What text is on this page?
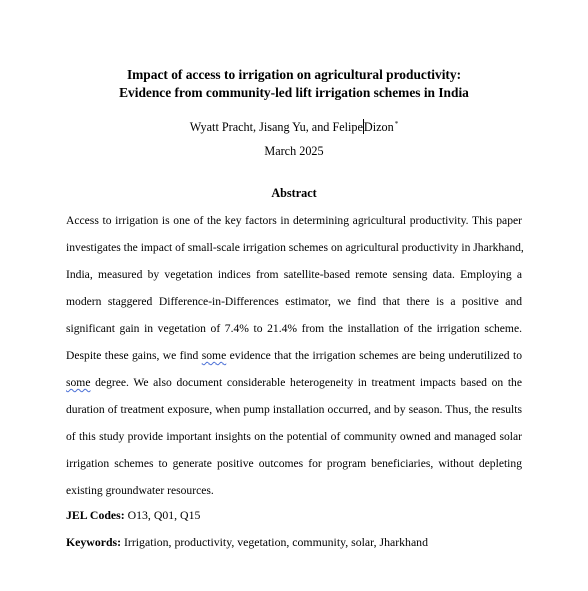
Impact of access to irrigation on agricultural productivity:
Evidence from community-led lift irrigation schemes in India
Wyatt Pracht, Jisang Yu, and FelipeDizon*
March 2025
Abstract
Access to irrigation is one of the key factors in determining agricultural productivity. This paper
investigates the impact of small-scale irrigation schemes on agricultural productivity in Jharkhand,
India, measured by vegetation indices from satellite-based remote sensing data. Employing a
modern staggered Difference-in-Differences estimator, we find that there is a positive and
significant gain in vegetation of 7.4% to 21.4% from the installation of the irrigation scheme.
Despite these gains, we find some evidence that the irrigation schemes are being underutilized to
some degree. We also document considerable heterogeneity in treatment impacts based on the
duration of treatment exposure, when pump installation occurred, and by season. Thus, the results
of this study provide important insights on the potential of community owned and managed solar
irrigation schemes to generate positive outcomes for program beneficiaries, without depleting
existing groundwater resources.
JEL Codes: O13, Q01, Q15
Keywords: Irrigation, productivity, vegetation, community, solar, Jharkhand
